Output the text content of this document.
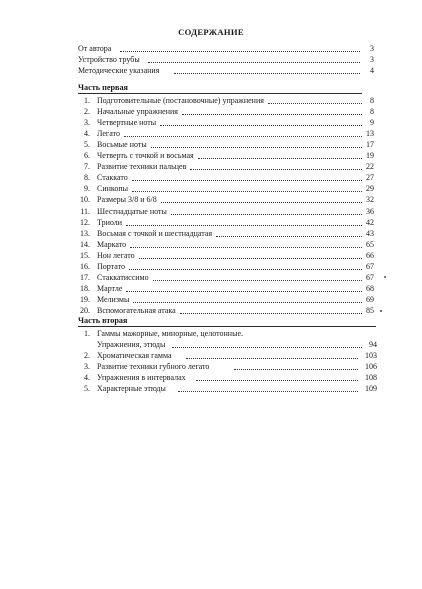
СОДЕРЖАНИЕ
От автора	3
Устройство трубы	3
Методические указания	4
Часть первая
1. Подготовительные (постановочные) упражнения	8
2. Начальные упражнения	8
3. Четвертные ноты	9
4. Легато	13
5. Восьмые ноты	17
6. Четверть с точкой и восьмая	19
7. Развитие техники пальцев	22
8. Стаккато	27
9. Синкопы	29
10. Размеры 3/8 и 6/8	32
11. Шестнадцатые ноты	36
12. Триоли	42
13. Восьмая с точкой и шестнадцатая	43
14. Маркато	65
15. Нон легато	66
16. Портато	67
17. Стаккатиссимо	67
18. Мартле	68
19. Мелизмы	69
20. Вспомогательная атака	85
Часть вторая
1. Гаммы мажорные, минорные, целотонные.
Упражнения, этюды	94
2. Хроматическая гамма	103
3. Развитие техники губного легато	106
4. Упражнения в интервалах	108
5. Характерные этюды	109
